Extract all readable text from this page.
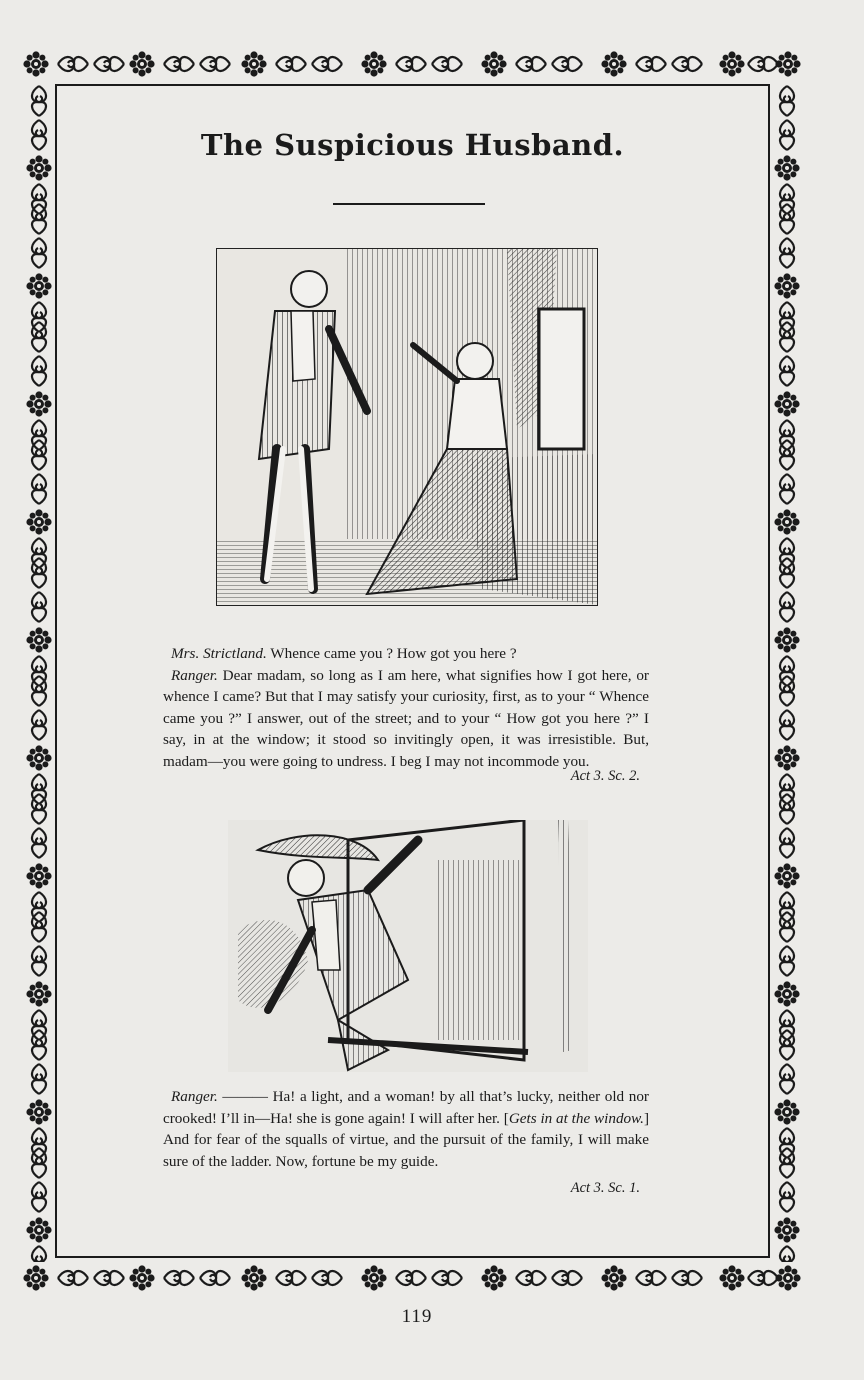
The Suspicious Husband.

Mrs. Strictland. Whence came you ? How got you here ?

Ranger. Dear madam, so long as I am here, what signifies how I got here, or whence I came? But that I may satisfy your curiosity, first, as to your “ Whence came you ?” I answer, out of the street; and to your “ How got you here ?” I say, in at the window; it stood so invitingly open, it was irresistible. But, madam—you were going to undress. I beg I may not incommode you.

Act 3. Sc. 2.

Ranger. ——— Ha! a light, and a woman! by all that’s lucky, neither old nor crooked! I’ll in—Ha! she is gone again! I will after her. [Gets in at the window.] And for fear of the squalls of virtue, and the pursuit of the family, I will make sure of the ladder. Now, fortune be my guide.

Act 3. Sc. 1.
119
